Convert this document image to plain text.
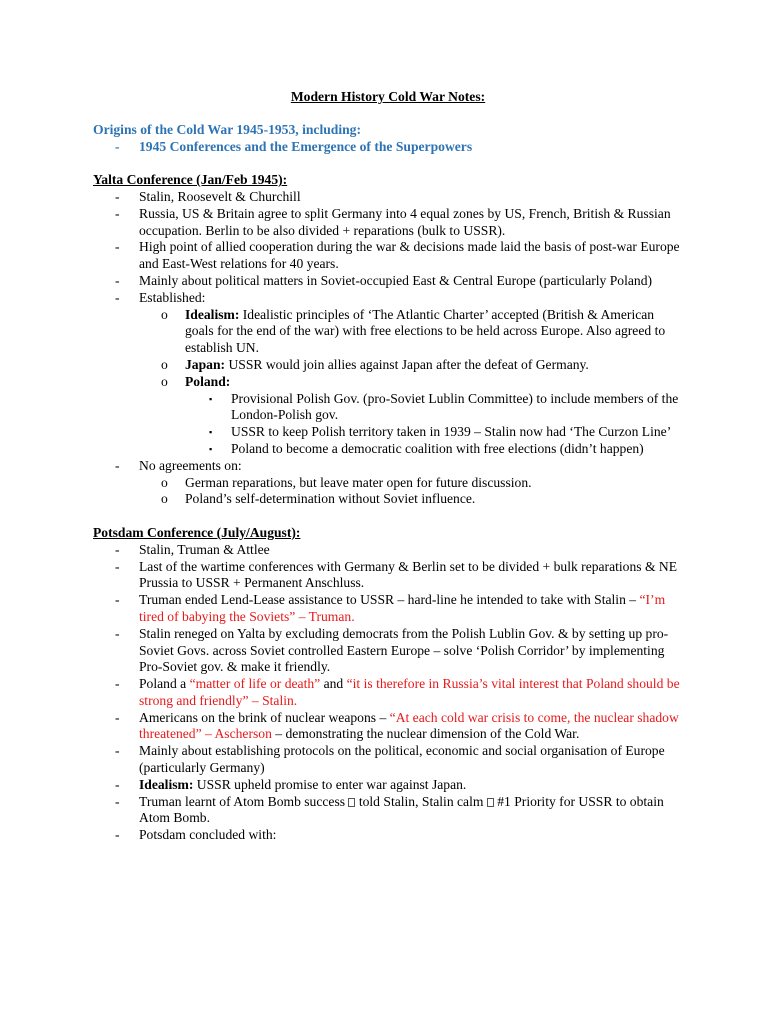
Modern History Cold War Notes:
Origins of the Cold War 1945-1953, including:
- 1945 Conferences and the Emergence of the Superpowers
Yalta Conference (Jan/Feb 1945):
- Stalin, Roosevelt & Churchill
- Russia, US & Britain agree to split Germany into 4 equal zones by US, French, British & Russian occupation. Berlin to be also divided + reparations (bulk to USSR).
- High point of allied cooperation during the war & decisions made laid the basis of post-war Europe and East-West relations for 40 years.
- Mainly about political matters in Soviet-occupied East & Central Europe (particularly Poland)
- Established:
o Idealism: Idealistic principles of ‘The Atlantic Charter’ accepted (British & American goals for the end of the war) with free elections to be held across Europe. Also agreed to establish UN.
o Japan: USSR would join allies against Japan after the defeat of Germany.
o Poland:
▪ Provisional Polish Gov. (pro-Soviet Lublin Committee) to include members of the London-Polish gov.
▪ USSR to keep Polish territory taken in 1939 – Stalin now had ‘The Curzon Line’
▪ Poland to become a democratic coalition with free elections (didn’t happen)
- No agreements on:
o German reparations, but leave mater open for future discussion.
o Poland’s self-determination without Soviet influence.
Potsdam Conference (July/August):
- Stalin, Truman & Attlee
- Last of the wartime conferences with Germany & Berlin set to be divided + bulk reparations & NE Prussia to USSR + Permanent Anschluss.
- Truman ended Lend-Lease assistance to USSR – hard-line he intended to take with Stalin – “I’m tired of babying the Soviets” – Truman.
- Stalin reneged on Yalta by excluding democrats from the Polish Lublin Gov. & by setting up pro-Soviet Govs. across Soviet controlled Eastern Europe – solve ‘Polish Corridor’ by implementing Pro-Soviet gov. & make it friendly.
- Poland a “matter of life or death” and “it is therefore in Russia’s vital interest that Poland should be strong and friendly” – Stalin.
- Americans on the brink of nuclear weapons – “At each cold war crisis to come, the nuclear shadow threatened” – Ascherson – demonstrating the nuclear dimension of the Cold War.
- Mainly about establishing protocols on the political, economic and social organisation of Europe (particularly Germany)
- Idealism: USSR upheld promise to enter war against Japan.
- Truman learnt of Atom Bomb success  told Stalin, Stalin calm  #1 Priority for USSR to obtain Atom Bomb.
- Potsdam concluded with:
